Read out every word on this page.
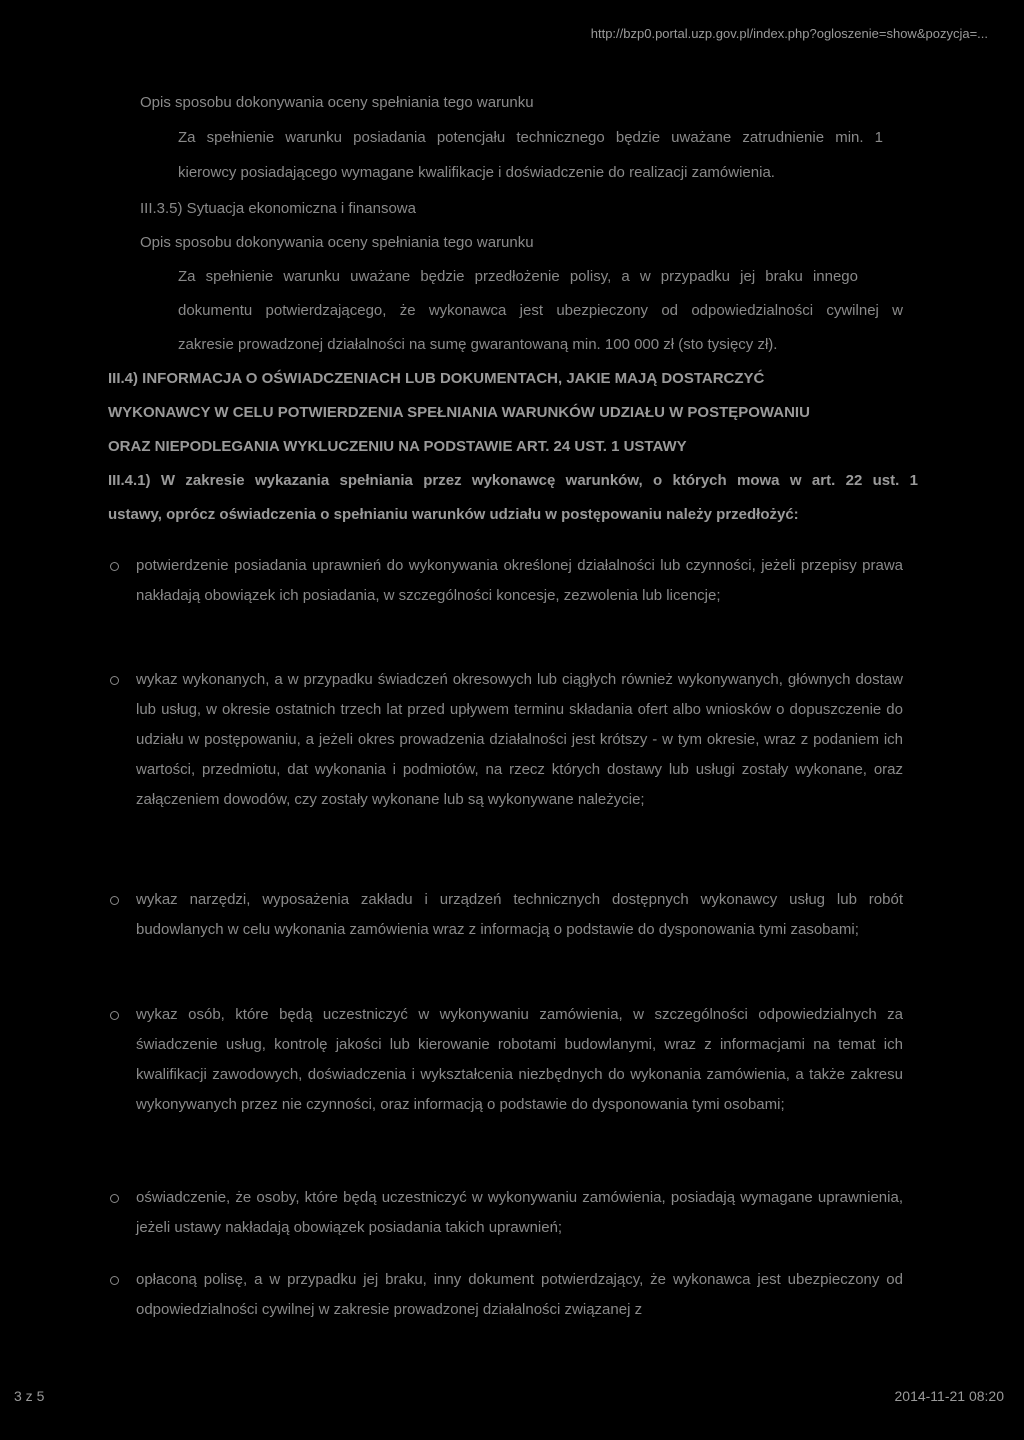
http://bzp0.portal.uzp.gov.pl/index.php?ogloszenie=show&pozycja=...
Opis sposobu dokonywania oceny spełniania tego warunku
Za spełnienie warunku posiadania potencjału technicznego będzie uważane zatrudnienie min. 1
kierowcy posiadającego wymagane kwalifikacje i doświadczenie do realizacji zamówienia.
III.3.5) Sytuacja ekonomiczna i finansowa
Opis sposobu dokonywania oceny spełniania tego warunku
Za spełnienie warunku uważane będzie przedłożenie polisy, a w przypadku jej braku innego
dokumentu potwierdzającego, że wykonawca jest ubezpieczony od odpowiedzialności cywilnej w
zakresie prowadzonej działalności na sumę gwarantowaną min. 100 000 zł (sto tysięcy zł).
III.4) INFORMACJA O OŚWIADCZENIACH LUB DOKUMENTACH, JAKIE MAJĄ DOSTARCZYĆ
WYKONAWCY W CELU POTWIERDZENIA SPEŁNIANIA WARUNKÓW UDZIAŁU W POSTĘPOWANIU
ORAZ NIEPODLEGANIA WYKLUCZENIU NA PODSTAWIE ART. 24 UST. 1 USTAWY
III.4.1) W zakresie wykazania spełniania przez wykonawcę warunków, o których mowa w art. 22 ust. 1
ustawy, oprócz oświadczenia o spełnianiu warunków udziału w postępowaniu należy przedłożyć:

potwierdzenie posiadania uprawnień do wykonywania określonej działalności lub czynności, jeżeli przepisy prawa nakładają obowiązek ich posiadania, w szczególności koncesje, zezwolenia lub licencje;

wykaz wykonanych, a w przypadku świadczeń okresowych lub ciągłych również wykonywanych, głównych dostaw lub usług, w okresie ostatnich trzech lat przed upływem terminu składania ofert albo wniosków o dopuszczenie do udziału w postępowaniu, a jeżeli okres prowadzenia działalności jest krótszy - w tym okresie, wraz z podaniem ich wartości, przedmiotu, dat wykonania i podmiotów, na rzecz których dostawy lub usługi zostały wykonane, oraz załączeniem dowodów, czy zostały wykonane lub są wykonywane należycie;

wykaz narzędzi, wyposażenia zakładu i urządzeń technicznych dostępnych wykonawcy usług lub robót budowlanych w celu wykonania zamówienia wraz z informacją o podstawie do dysponowania tymi zasobami;

wykaz osób, które będą uczestniczyć w wykonywaniu zamówienia, w szczególności odpowiedzialnych za świadczenie usług, kontrolę jakości lub kierowanie robotami budowlanymi, wraz z informacjami na temat ich kwalifikacji zawodowych, doświadczenia i wykształcenia niezbędnych do wykonania zamówienia, a także zakresu wykonywanych przez nie czynności, oraz informacją o podstawie do dysponowania tymi osobami;

oświadczenie, że osoby, które będą uczestniczyć w wykonywaniu zamówienia, posiadają wymagane uprawnienia, jeżeli ustawy nakładają obowiązek posiadania takich uprawnień;

opłaconą polisę, a w przypadku jej braku, inny dokument potwierdzający, że wykonawca jest ubezpieczony od odpowiedzialności cywilnej w zakresie prowadzonej działalności związanej z

3 z 5	2014-11-21 08:20
